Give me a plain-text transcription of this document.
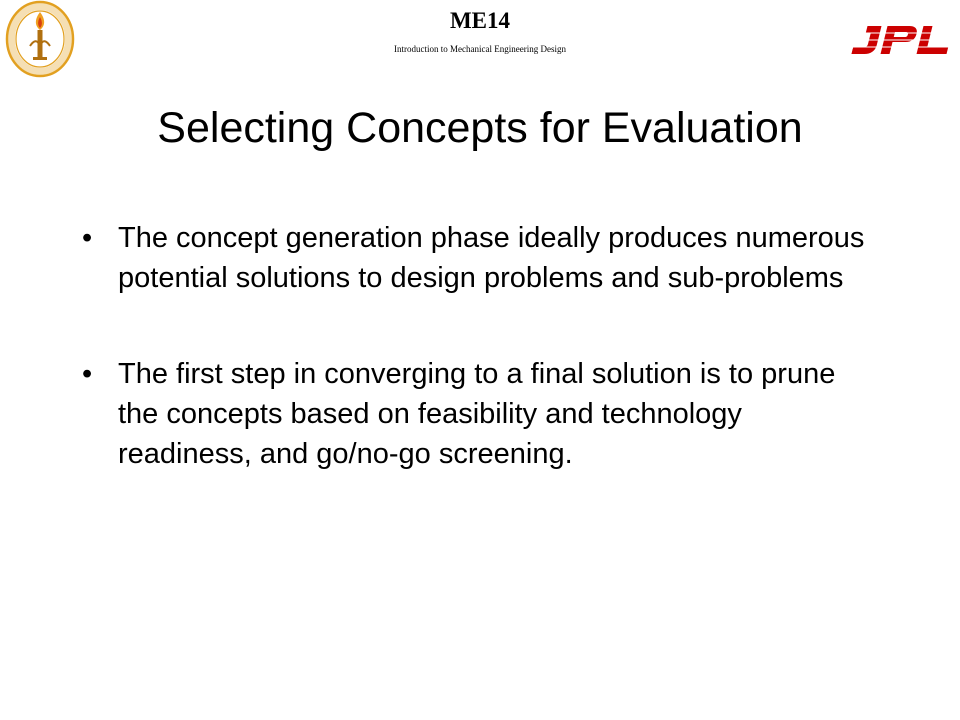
ME14
Introduction to Mechanical Engineering Design
Selecting Concepts for Evaluation
• The concept generation phase ideally produces numerous potential solutions to design problems and sub-problems
• The first step in converging to a final solution is to prune the concepts based on feasibility and technology readiness, and go/no-go screening.
